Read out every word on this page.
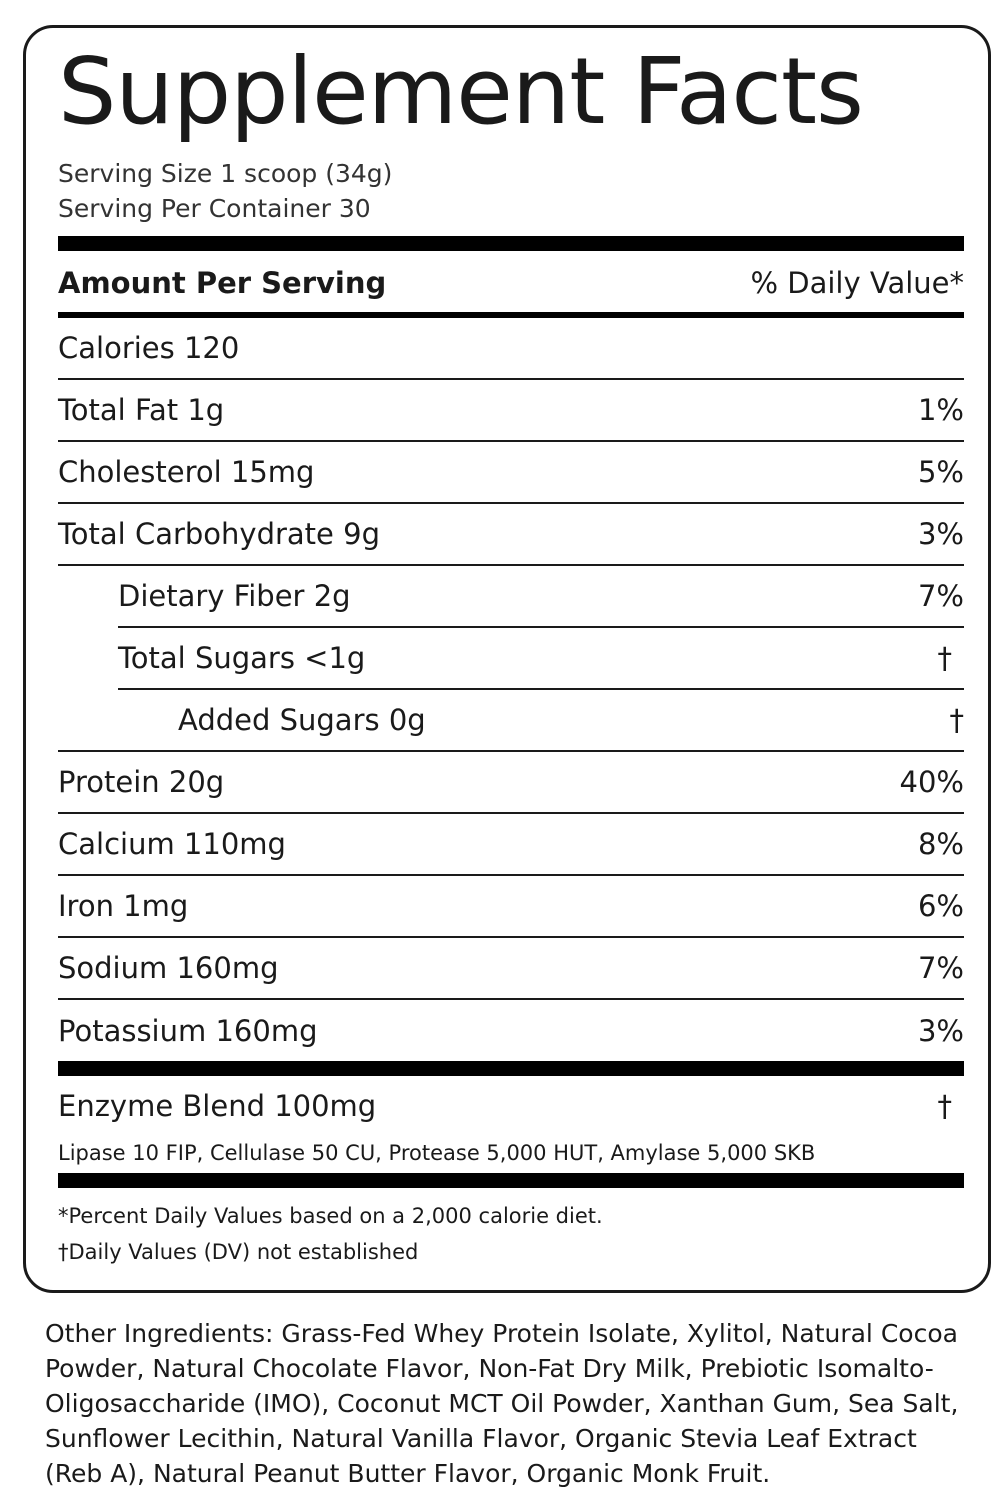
Supplement Facts
Serving Size 1 scoop (34g)
Serving Per Container 30
Amount Per Serving	% Daily Value*
Calories 120
Total Fat 1g	1%
Cholesterol 15mg	5%
Total Carbohydrate 9g	3%
Dietary Fiber 2g	7%
Total Sugars <1g	†
Added Sugars 0g	†
Protein 20g	40%
Calcium 110mg	8%
Iron 1mg	6%
Sodium 160mg	7%
Potassium 160mg	3%
Enzyme Blend 100mg	†
Lipase 10 FIP, Cellulase 50 CU, Protease 5,000 HUT, Amylase 5,000 SKB
*Percent Daily Values based on a 2,000 calorie diet.
†Daily Values (DV) not established
Other Ingredients: Grass-Fed Whey Protein Isolate, Xylitol, Natural Cocoa Powder, Natural Chocolate Flavor, Non-Fat Dry Milk, Prebiotic Isomalto-Oligosaccharide (IMO), Coconut MCT Oil Powder, Xanthan Gum, Sea Salt, Sunflower Lecithin, Natural Vanilla Flavor, Organic Stevia Leaf Extract (Reb A), Natural Peanut Butter Flavor, Organic Monk Fruit.
